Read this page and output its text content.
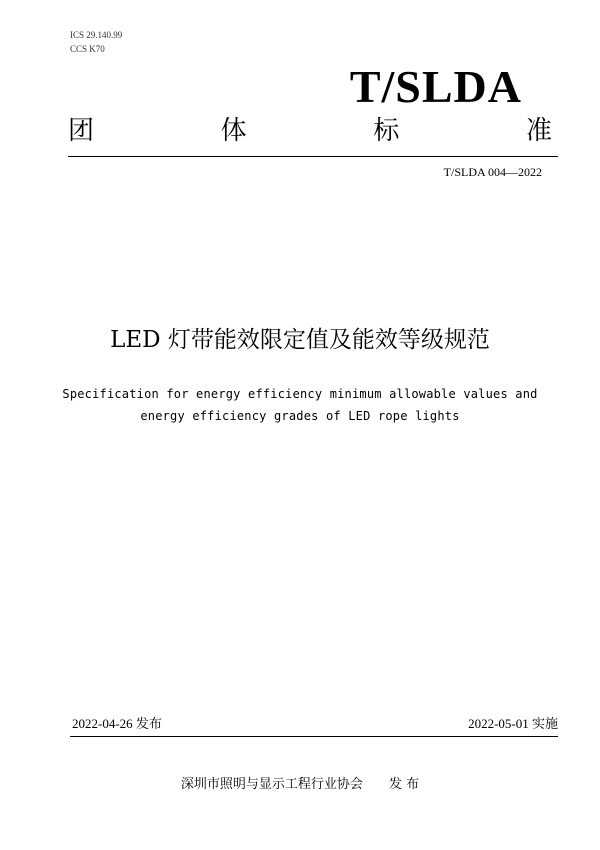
ICS 29.140.99
CCS K70
T/SLDA
团	体	标	准
T/SLDA 004—2022
LED 灯带能效限定值及能效等级规范
Specification for energy efficiency minimum allowable values and
energy efficiency grades of LED rope lights
2022-04-26 发布	2022-05-01 实施
深圳市照明与显示工程行业协会 发 布
